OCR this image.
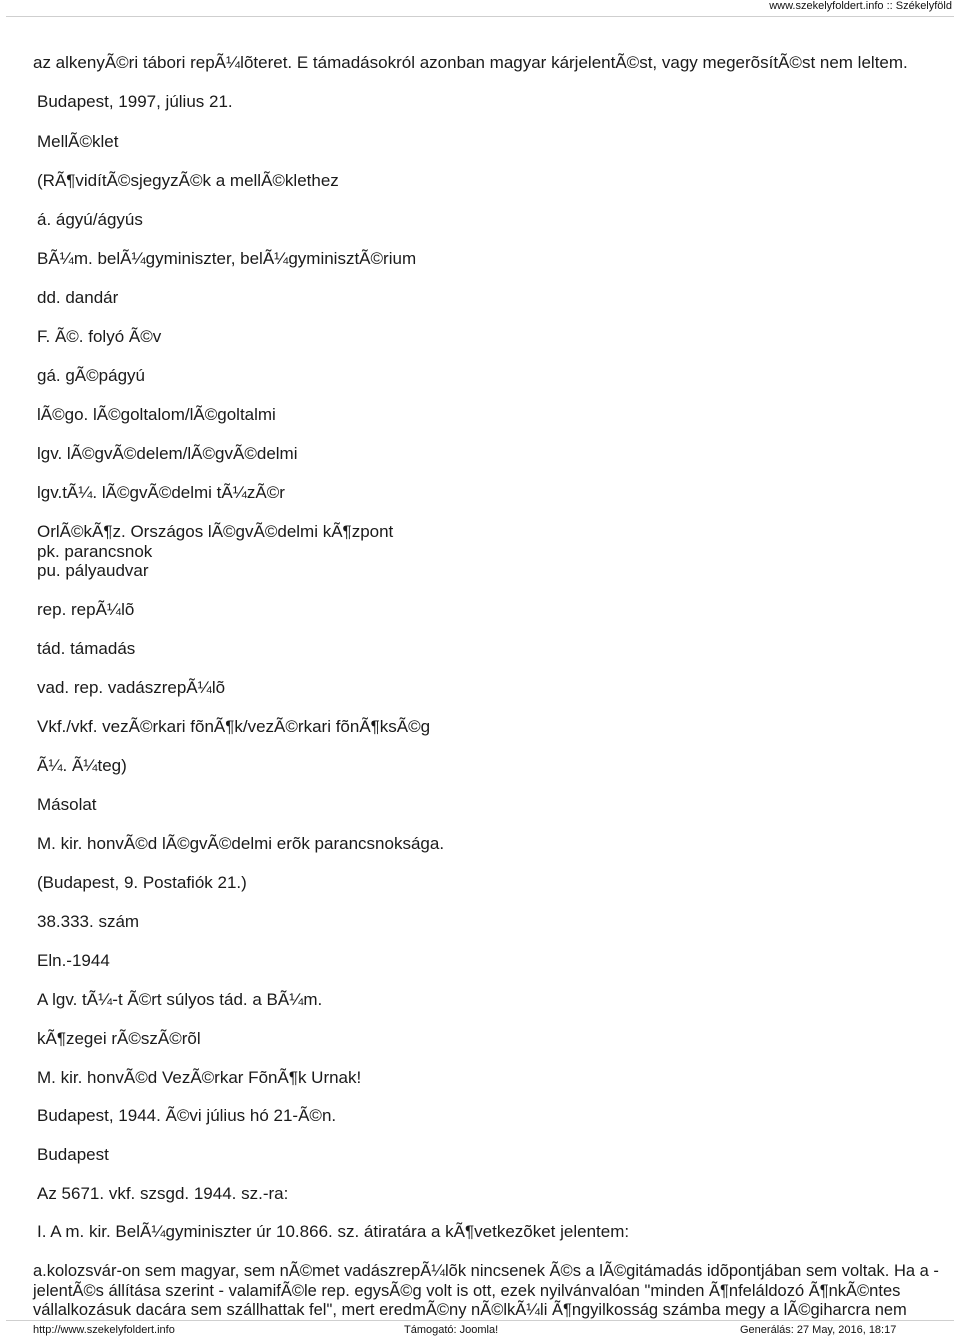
www.szekelyfoldert.info :: Székelyföld
az alkenyÃ©ri tábori repÃ¼lõteret. E támadásokról azonban magyar kárjelentÃ©st, vagy megerõsítÃ©st nem leltem.
Budapest, 1997, július 21.
MellÃ©klet
(RÃ¶vidítÃ©sjegyzÃ©k a mellÃ©klethez
á. ágyú/ágyús
BÃ¼m. belÃ¼gyminiszter, belÃ¼gyminisztÃ©rium
dd. dandár
F. Ã©. folyó Ã©v
gá. gÃ©págyú
lÃ©go. lÃ©goltalom/lÃ©goltalmi
lgv. lÃ©gvÃ©delem/lÃ©gvÃ©delmi
lgv.tÃ¼. lÃ©gvÃ©delmi tÃ¼zÃ©r
OrlÃ©kÃ¶z. Országos lÃ©gvÃ©delmi kÃ¶zpont
pk. parancsnok
pu. pályaudvar
rep. repÃ¼lõ
tád. támadás
vad. rep. vadászrepÃ¼lõ
Vkf./vkf. vezÃ©rkari fõnÃ¶k/vezÃ©rkari fõnÃ¶ksÃ©g
Ã¼. Ã¼teg)
Másolat
M. kir. honvÃ©d lÃ©gvÃ©delmi erõk parancsnoksága.
(Budapest, 9. Postafiók 21.)
38.333. szám
Eln.-1944
A lgv. tÃ¼-t Ã©rt súlyos tád. a BÃ¼m.
kÃ¶zegei rÃ©szÃ©rõl
M. kir. honvÃ©d VezÃ©rkar FõnÃ¶k Urnak!
Budapest, 1944. Ã©vi július hó 21-Ã©n.
Budapest
Az 5671. vkf. szsgd. 1944. sz.-ra:
I. A m. kir. BelÃ¼gyminiszter úr 10.866. sz. átiratára a kÃ¶vetkezõket jelentem:
a.kolozsvár-on sem magyar, sem nÃ©met vadászrepÃ¼lõk nincsenek Ã©s a lÃ©gitámadás idõpontjában sem voltak. Ha a - jelentÃ©s állítása szerint - valamifÃ©le rep. egysÃ©g volt is ott, ezek nyilvánvalóan "minden Ã¶nfeláldozó Ã¶nkÃ©ntes vállalkozásuk dacára sem szállhattak fel", mert eredmÃ©ny nÃ©lkÃ¼li Ã¶ngyilkosság számba megy a lÃ©giharcra nem
http://www.szekelyfoldert.info	Támogató: Joomla!	Generálás: 27 May, 2016, 18:17
